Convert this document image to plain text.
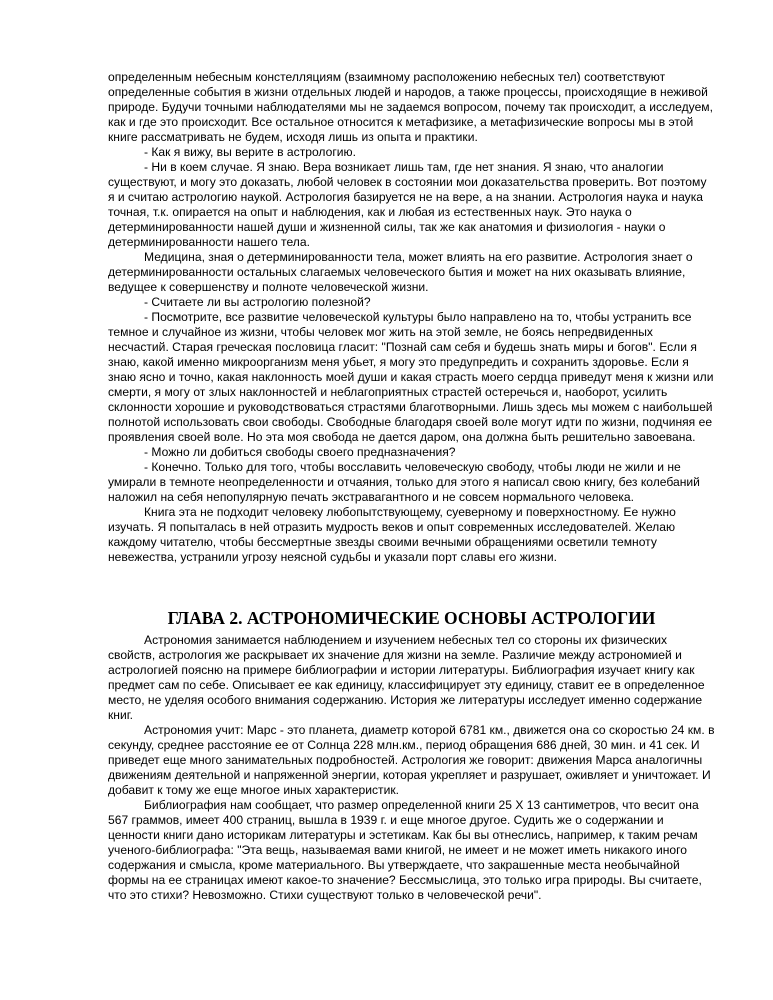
определенным небесным констелляциям (взаимному расположению небесных тел) соответствуют определенные события в жизни отдельных людей и народов, а также процессы, происходящие в неживой природе. Будучи точными наблюдателями мы не задаемся вопросом, почему так происходит, а исследуем, как и где это происходит. Все остальное относится к метафизике, а метафизические вопросы мы в этой книге рассматривать не будем, исходя лишь из опыта и практики.

- Как я вижу, вы верите в астрологию.

- Ни в коем случае. Я знаю. Вера возникает лишь там, где нет знания. Я знаю, что аналогии существуют, и могу это доказать, любой человек в состоянии мои доказательства проверить. Вот поэтому я и считаю астрологию наукой. Астрология базируется не на вере, а на знании. Астрология наука и наука точная, т.к. опирается на опыт и наблюдения, как и любая из естественных наук. Это наука о детерминированности нашей души и жизненной силы, так же как анатомия и физиология - науки о детерминированности нашего тела.

Медицина, зная о детерминированности тела, может влиять на его развитие. Астрология знает о детерминированности остальных слагаемых человеческого бытия и может на них оказывать влияние, ведущее к совершенству и полноте человеческой жизни.

- Считаете ли вы астрологию полезной?

- Посмотрите, все развитие человеческой культуры было направлено на то, чтобы устранить все темное и случайное из жизни, чтобы человек мог жить на этой земле, не боясь непредвиденных несчастий. Старая греческая пословица гласит: "Познай сам себя и будешь знать миры и богов". Если я знаю, какой именно микроорганизм меня убьет, я могу это предупредить и сохранить здоровье. Если я знаю ясно и точно, какая наклонность моей души и какая страсть моего сердца приведут меня к жизни или смерти, я могу от злых наклонностей и неблагоприятных страстей остеречься и, наоборот, усилить склонности хорошие и руководствоваться страстями благотворными. Лишь здесь мы можем с наибольшей полнотой использовать свои свободы. Свободные благодаря своей воле могут идти по жизни, подчиняя ее проявления своей воле. Но эта моя свобода не дается даром, она должна быть решительно завоевана.

- Можно ли добиться свободы своего предназначения?

- Конечно. Только для того, чтобы восславить человеческую свободу, чтобы люди не жили и не умирали в темноте неопределенности и отчаяния, только для этого я написал свою книгу, без колебаний наложил на себя непопулярную печать экстравагантного и не совсем нормального человека.

Книга эта не подходит человеку любопытствующему, суеверному и поверхностному. Ее нужно изучать. Я попыталась в ней отразить мудрость веков и опыт современных исследователей. Желаю каждому читателю, чтобы бессмертные звезды своими вечными обращениями осветили темноту невежества, устранили угрозу неясной судьбы и указали порт славы его жизни.

ГЛАВА 2. АСТРОНОМИЧЕСКИЕ ОСНОВЫ АСТРОЛОГИИ

Астрономия занимается наблюдением и изучением небесных тел со стороны их физических свойств, астрология же раскрывает их значение для жизни на земле. Различие между астрономией и астрологией поясню на примере библиографии и истории литературы. Библиография изучает книгу как предмет сам по себе. Описывает ее как единицу, классифицирует эту единицу, ставит ее в определенное место, не уделяя особого внимания содержанию. История же литературы исследует именно содержание книг.

Астрономия учит: Марс - это планета, диаметр которой 6781 км., движется она со скоростью 24 км. в секунду, среднее расстояние ее от Солнца 228 млн.км., период обращения 686 дней, 30 мин. и 41 сек. И приведет еще много занимательных подробностей. Астрология же говорит: движения Марса аналогичны движениям деятельной и напряженной энергии, которая укрепляет и разрушает, оживляет и уничтожает. И добавит к тому же еще многое иных характеристик.

Библиография нам сообщает, что размер определенной книги 25 Х 13 сантиметров, что весит она 567 граммов, имеет 400 страниц, вышла в 1939 г. и еще многое другое. Судить же о содержании и ценности книги дано историкам литературы и эстетикам. Как бы вы отнеслись, например, к таким речам ученого-библиографа: "Эта вещь, называемая вами книгой, не имеет и не может иметь никакого иного содержания и смысла, кроме материального. Вы утверждаете, что закрашенные места необычайной формы на ее страницах имеют какое-то значение? Бессмыслица, это только игра природы. Вы считаете, что это стихи? Невозможно. Стихи существуют только в человеческой речи".
